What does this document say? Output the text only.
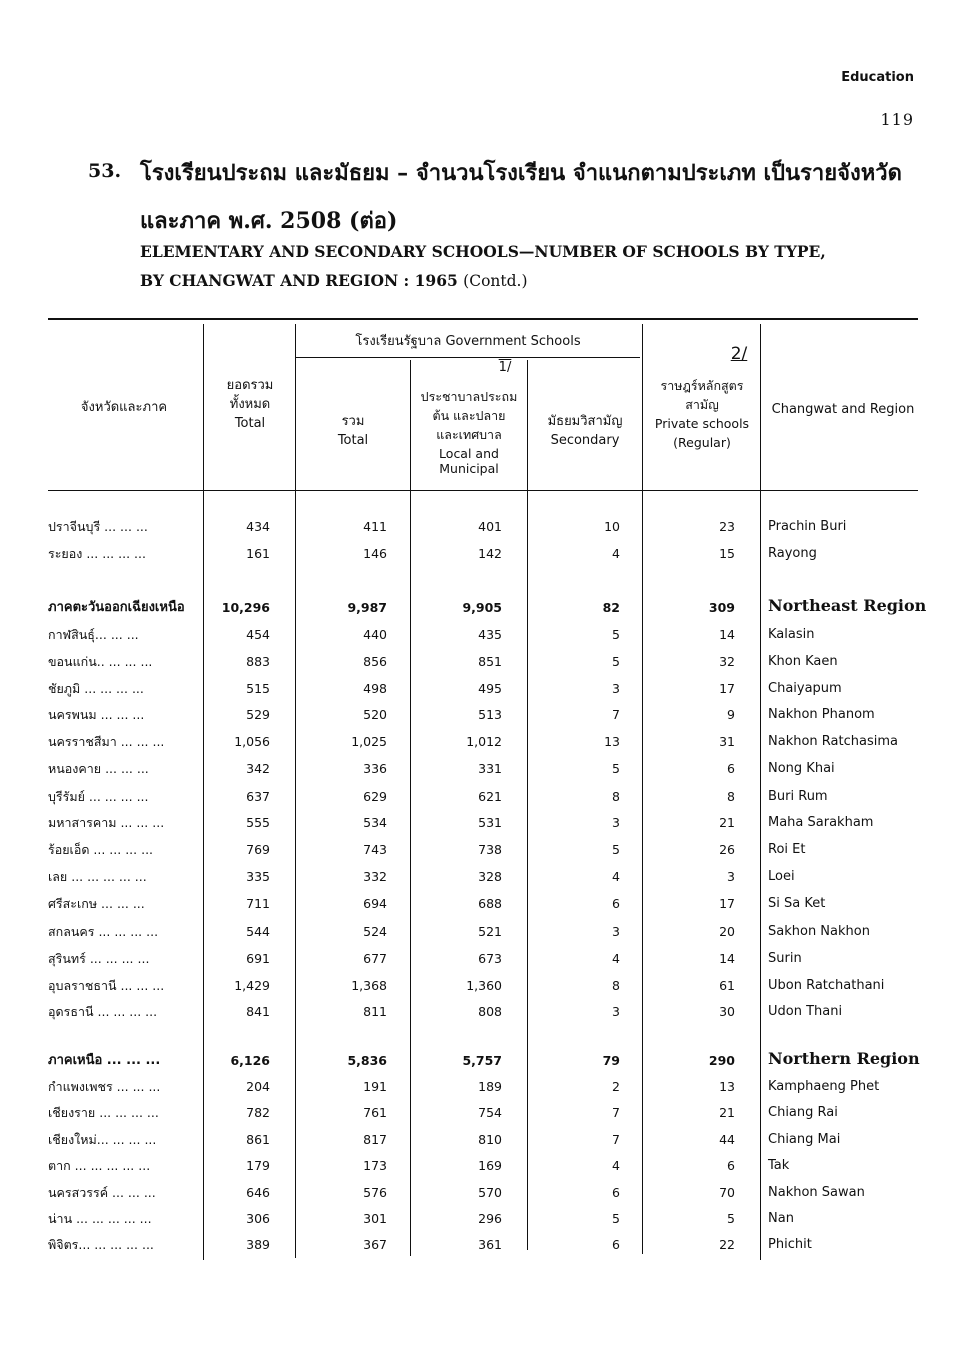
Education
119
53. โรงเรียนประถม และมัธยม – จำนวนโรงเรียน จำแนกตามประเภท เป็นรายจังหวัด
และภาค พ.ศ. 2508 (ต่อ)
ELEMENTARY AND SECONDARY SCHOOLS—NUMBER OF SCHOOLS BY TYPE,
BY CHANGWAT AND REGION : 1965 (Contd.)
จังหวัดและภาค
ยอดรวม
ทั้งหมด
Total
โรงเรียนรัฐบาล Government Schools
รวม
Total
1/
ประชาบาลประถม
ต้น และปลาย
และเทศบาล
Local and
Municipal
มัธยมวิสามัญ
Secondary
2/
ราษฎร์หลักสูตร
สามัญ
Private schools
(Regular)
Changwat and Region
ปราจีนบุรี ... ... ...	434	411	401	10	23	Prachin Buri
ระยอง ... ... ... ...	161	146	142	4	15	Rayong
ภาคตะวันออกเฉียงเหนือ	10,296	9,987	9,905	82	309 Northeast Region
กาฬสินธุ์... ... ...	454	440	435	5	14	Kalasin
ขอนแก่น.. ... ... ...	883	856	851	5	32	Khon Kaen
ชัยภูมิ ... ... ... ...	515	498	495	3	17	Chaiyapum
นครพนม ... ... ...	529	520	513	7	9	Nakhon Phanom
นครราชสีมา ... ... ...	1,056	1,025	1,012	13	31	Nakhon Ratchasima
หนองคาย ... ... ...	342	336	331	5	6	Nong Khai
บุรีรัมย์ ... ... ... ...	637	629	621	8	8	Buri Rum
มหาสารคาม ... ... ...	555	534	531	3	21	Maha Sarakham
ร้อยเอ็ด ... ... ... ...	769	743	738	5	26	Roi Et
เลย ... ... ... ... ...	335	332	328	4	3	Loei
ศรีสะเกษ ... ... ...	711	694	688	6	17	Si Sa Ket
สกลนคร ... ... ... ...	544	524	521	3	20	Sakhon Nakhon
สุรินทร์ ... ... ... ...	691	677	673	4	14	Surin
อุบลราชธานี ... ... ...	1,429	1,368	1,360	8	61	Ubon Ratchathani
อุดรธานี ... ... ... ...	841	811	808	3	30	Udon Thani
ภาคเหนือ ... ... ...	6,126	5,836	5,757	79	290 Northern Region
กำแพงเพชร ... ... ...	204	191	189	2	13	Kamphaeng Phet
เชียงราย ... ... ... ...	782	761	754	7	21	Chiang Rai
เชียงใหม่... ... ... ...	861	817	810	7	44	Chiang Mai
ตาก ... ... ... ... ...	179	173	169	4	6	Tak
นครสวรรค์ ... ... ...	646	576	570	6	70	Nakhon Sawan
น่าน ... ... ... ... ...	306	301	296	5	5	Nan
พิจิตร... ... ... ... ...	389	367	361	6	22	Phichit
